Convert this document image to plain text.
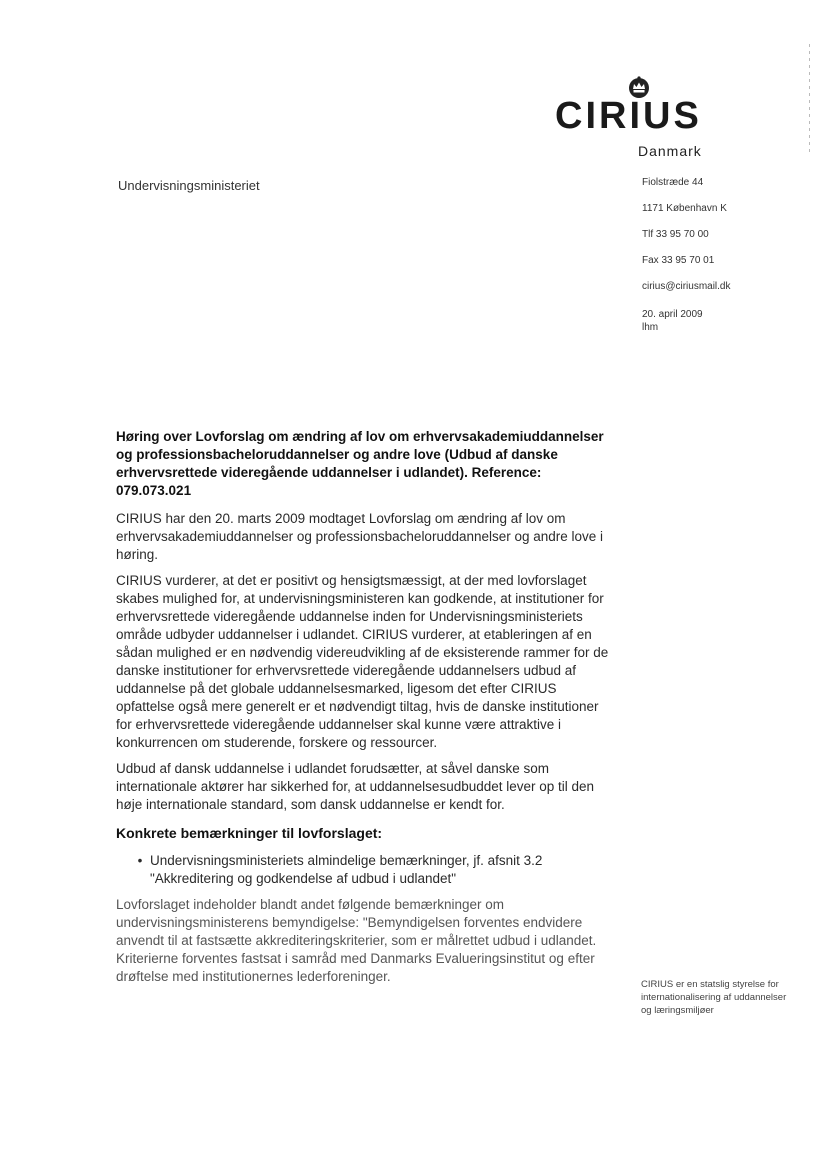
CIRIUS
Danmark
Undervisningsministeriet	Fiolstræde 44
1171 København K
Tlf 33 95 70 00
Fax 33 95 70 01
cirius@ciriusmail.dk
20. april 2009
lhm
Høring over Lovforslag om ændring af lov om erhvervsakademiuddannelser og professionsbacheloruddannelser og andre love (Udbud af danske erhvervsrettede videregående uddannelser i udlandet). Reference: 079.073.021

CIRIUS har den 20. marts 2009 modtaget Lovforslag om ændring af lov om erhvervsakademiuddannelser og professionsbacheloruddannelser og andre love i høring.

CIRIUS vurderer, at det er positivt og hensigtsmæssigt, at der med lovforslaget skabes mulighed for, at undervisningsministeren kan godkende, at institutioner for erhvervsrettede videregående uddannelse inden for Undervisningsministeriets område udbyder uddannelser i udlandet. CIRIUS vurderer, at etableringen af en sådan mulighed er en nødvendig videreudvikling af de eksisterende rammer for de danske institutioner for erhvervsrettede videregående uddannelsers udbud af uddannelse på det globale uddannelsesmarked, ligesom det efter CIRIUS opfattelse også mere generelt er et nødvendigt tiltag, hvis de danske institutioner for erhvervsrettede videregående uddannelser skal kunne være attraktive i konkurrencen om studerende, forskere og ressourcer.

Udbud af dansk uddannelse i udlandet forudsætter, at såvel danske som internationale aktører har sikkerhed for, at uddannelsesudbuddet lever op til den høje internationale standard, som dansk uddannelse er kendt for.

Konkrete bemærkninger til lovforslaget:
• Undervisningsministeriets almindelige bemærkninger, jf. afsnit 3.2 "Akkreditering og godkendelse af udbud i udlandet"

Lovforslaget indeholder blandt andet følgende bemærkninger om undervisningsministerens bemyndigelse: "Bemyndigelsen forventes endvidere anvendt til at fastsætte akkrediteringskriterier, som er målrettet udbud i udlandet. Kriterierne forventes fastsat i samråd med Danmarks Evalueringsinstitut og efter drøftelse med institutionernes lederforeninger.

CIRIUS er en statslig styrelse for internationalisering af uddannelser og læringsmiljøer
